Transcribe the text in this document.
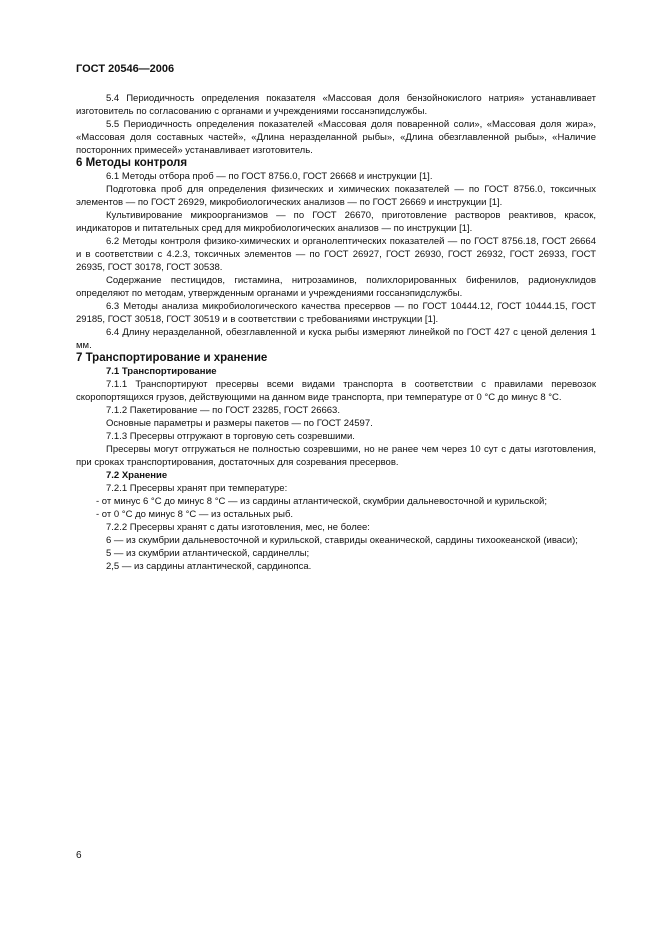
ГОСТ 20546—2006

5.4 Периодичность определения показателя «Массовая доля бензойнокислого натрия» устанавливает изготовитель по согласованию с органами и учреждениями госсанэпидслужбы.

5.5 Периодичность определения показателей «Массовая доля поваренной соли», «Массовая доля жира», «Массовая доля составных частей», «Длина неразделанной рыбы», «Длина обезглавленной рыбы», «Наличие посторонних примесей» устанавливает изготовитель.

6 Методы контроля

6.1 Методы отбора проб — по ГОСТ 8756.0, ГОСТ 26668 и инструкции [1].

Подготовка проб для определения физических и химических показателей — по ГОСТ 8756.0, токсичных элементов — по ГОСТ 26929, микробиологических анализов — по ГОСТ 26669 и инструкции [1].

Культивирование микроорганизмов — по ГОСТ 26670, приготовление растворов реактивов, красок, индикаторов и питательных сред для микробиологических анализов — по инструкции [1].

6.2 Методы контроля физико-химических и органолептических показателей — по ГОСТ 8756.18, ГОСТ 26664 и в соответствии с 4.2.3, токсичных элементов — по ГОСТ 26927, ГОСТ 26930, ГОСТ 26932, ГОСТ 26933, ГОСТ 26935, ГОСТ 30178, ГОСТ 30538.

Содержание пестицидов, гистамина, нитрозаминов, полихлорированных бифенилов, радионуклидов определяют по методам, утвержденным органами и учреждениями госсанэпидслужбы.

6.3 Методы анализа микробиологического качества пресервов — по ГОСТ 10444.12, ГОСТ 10444.15, ГОСТ 29185, ГОСТ 30518, ГОСТ 30519 и в соответствии с требованиями инструкции [1].

6.4 Длину неразделанной, обезглавленной и куска рыбы измеряют линейкой по ГОСТ 427 с ценой деления 1 мм.

7 Транспортирование и хранение
7.1 Транспортирование

7.1.1 Транспортируют пресервы всеми видами транспорта в соответствии с правилами перевозок скоропортящихся грузов, действующими на данном виде транспорта, при температуре от 0 °С до минус 8 °С.

7.1.2 Пакетирование — по ГОСТ 23285, ГОСТ 26663.

Основные параметры и размеры пакетов — по ГОСТ 24597.

7.1.3 Пресервы отгружают в торговую сеть созревшими.

Пресервы могут отгружаться не полностью созревшими, но не ранее чем через 10 сут с даты изготовления, при сроках транспортирования, достаточных для созревания пресервов.

7.2 Хранение

7.2.1 Пресервы хранят при температуре:

- от минус 6 °С до минус 8 °С — из сардины атлантической, скумбрии дальневосточной и курильской;

- от 0 °С до минус 8 °С — из остальных рыб.

7.2.2 Пресервы хранят с даты изготовления, мес, не более:

6 — из скумбрии дальневосточной и курильской, ставриды океанической, сардины тихоокеанской (иваси);

5 — из скумбрии атлантической, сардинеллы;

2,5 — из сардины атлантической, сардинопса.

6
